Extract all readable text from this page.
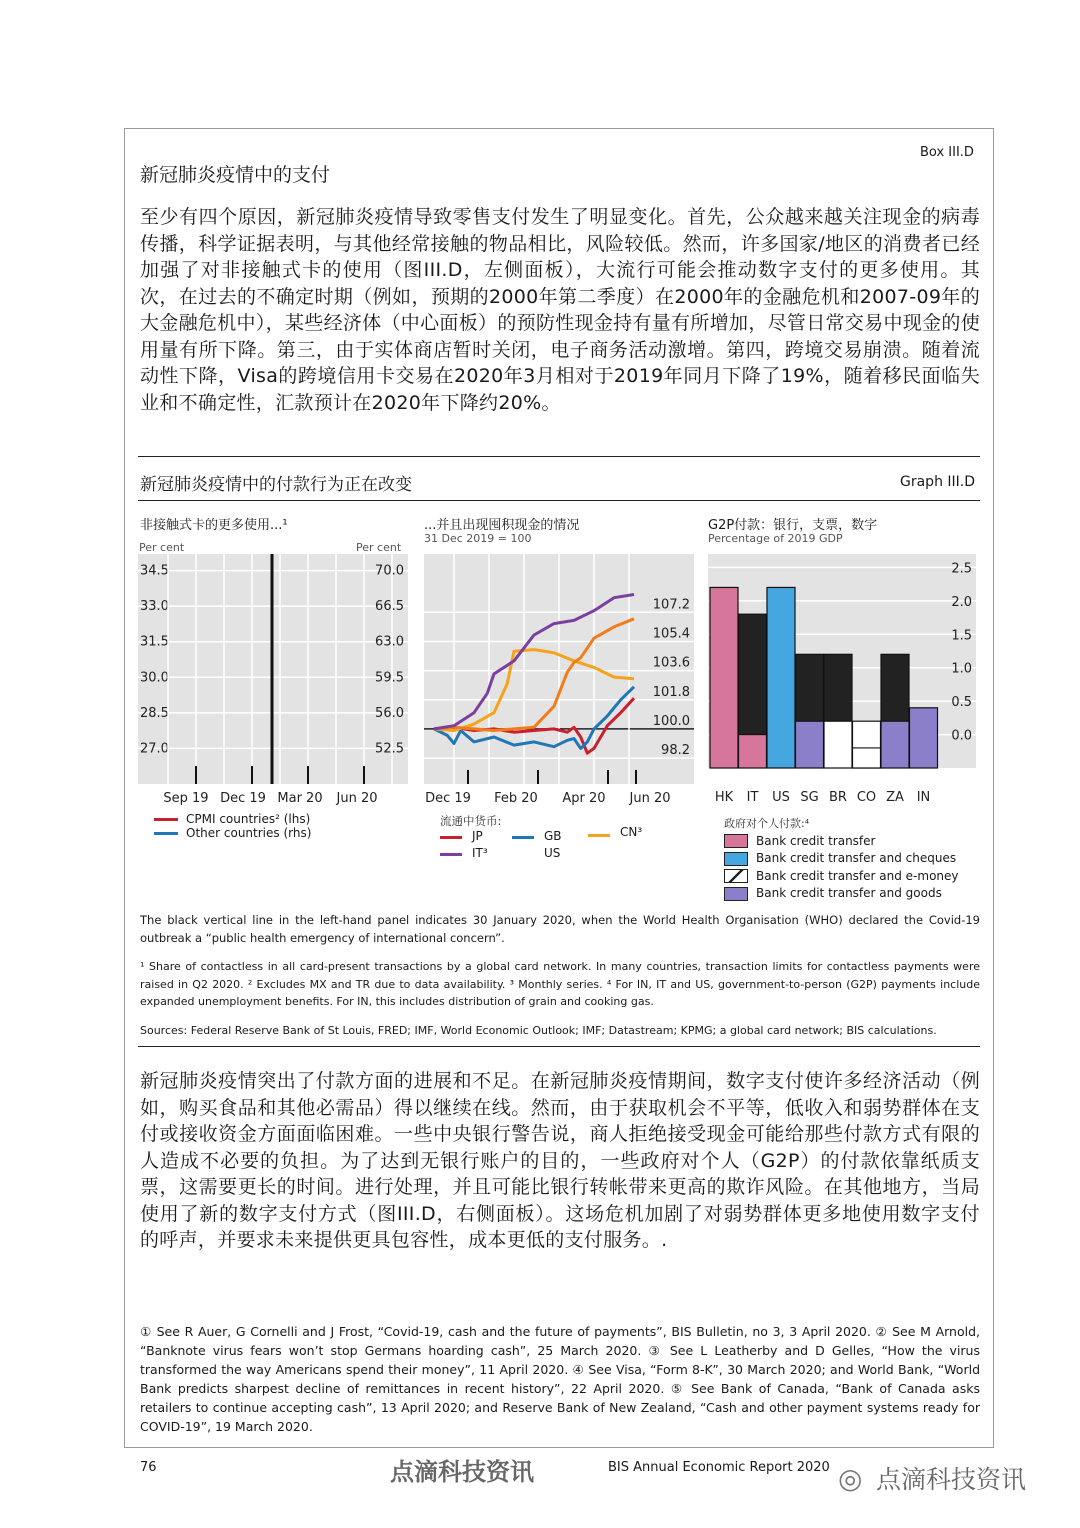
Box III.D
新冠肺炎疫情中的支付
至少有四个原因，新冠肺炎疫情导致零售支付发生了明显变化。首先，公众越来越关注现金的病毒传播，科学证据表明，与其他经常接触的物品相比，风险较低。然而，许多国家/地区的消费者已经加强了对非接触式卡的使用（图III.D，左侧面板），大流行可能会推动数字支付的更多使用。其次，在过去的不确定时期（例如，预期的2000年第二季度）在2000年的金融危机和2007-09年的大金融危机中），某些经济体（中心面板）的预防性现金持有量有所增加，尽管日常交易中现金的使用量有所下降。第三，由于实体商店暂时关闭，电子商务活动激增。第四，跨境交易崩溃。随着流动性下降，Visa的跨境信用卡交易在2020年3月相对于2019年同月下降了19%，随着移民面临失业和不确定性，汇款预计在2020年下降约20%。
新冠肺炎疫情中的付款行为正在改变	Graph III.D
非接触式卡的更多使用...¹
Per cent	Per cent
...并且出现囤积现金的情况
31 Dec 2019 = 100
G2P付款：银行，支票，数字
Percentage of 2019 GDP
34.5	70.0
33.0	66.5
31.5	63.0
30.0	59.5
28.5	56.0
27.0	52.5
Sep 19 Dec 19 Mar 20 Jun 20
107.2
105.4
103.6
101.8
100.0
98.2
Dec 19 Feb 20 Apr 20 Jun 20
2.5
2.0
1.5
1.0
0.5
0.0
HK IT US SG BR CO ZA IN
CPMI countries² (lhs)
Other countries (rhs)
流通中货币:
JP	GB	CN³
IT³	US
政府对个人付款:⁴
Bank credit transfer
Bank credit transfer and cheques
Bank credit transfer and e-money
Bank credit transfer and goods
The black vertical line in the left-hand panel indicates 30 January 2020, when the World Health Organisation (WHO) declared the Covid-19 outbreak a “public health emergency of international concern”.
¹ Share of contactless in all card-present transactions by a global card network. In many countries, transaction limits for contactless payments were raised in Q2 2020. ² Excludes MX and TR due to data availability. ³ Monthly series. ⁴ For IN, IT and US, government-to-person (G2P) payments include expanded unemployment benefits. For IN, this includes distribution of grain and cooking gas.
Sources: Federal Reserve Bank of St Louis, FRED; IMF, World Economic Outlook; IMF; Datastream; KPMG; a global card network; BIS calculations.
新冠肺炎疫情突出了付款方面的进展和不足。在新冠肺炎疫情期间，数字支付使许多经济活动（例如，购买食品和其他必需品）得以继续在线。然而，由于获取机会不平等，低收入和弱势群体在支付或接收资金方面面临困难。一些中央银行警告说，商人拒绝接受现金可能给那些付款方式有限的人造成不必要的负担。为了达到无银行账户的目的，一些政府对个人（G2P）的付款依靠纸质支票，这需要更长的时间。进行处理，并且可能比银行转帐带来更高的欺诈风险。在其他地方，当局使用了新的数字支付方式（图III.D，右侧面板）。这场危机加剧了对弱势群体更多地使用数字支付的呼声，并要求未来提供更具包容性，成本更低的支付服务。.
① See R Auer, G Cornelli and J Frost, “Covid-19, cash and the future of payments”, BIS Bulletin, no 3, 3 April 2020. ② See M Arnold, “Banknote virus fears won’t stop Germans hoarding cash”, 25 March 2020. ③ See L Leatherby and D Gelles, “How the virus transformed the way Americans spend their money”, 11 April 2020. ④ See Visa, “Form 8-K”, 30 March 2020; and World Bank, “World Bank predicts sharpest decline of remittances in recent history”, 22 April 2020. ⑤ See Bank of Canada, “Bank of Canada asks retailers to continue accepting cash”, 13 April 2020; and Reserve Bank of New Zealand, “Cash and other payment systems ready for COVID-19”, 19 March 2020.
76	点滴科技资讯	BIS Annual Economic Report 2020 ◎ 点滴科技资讯
